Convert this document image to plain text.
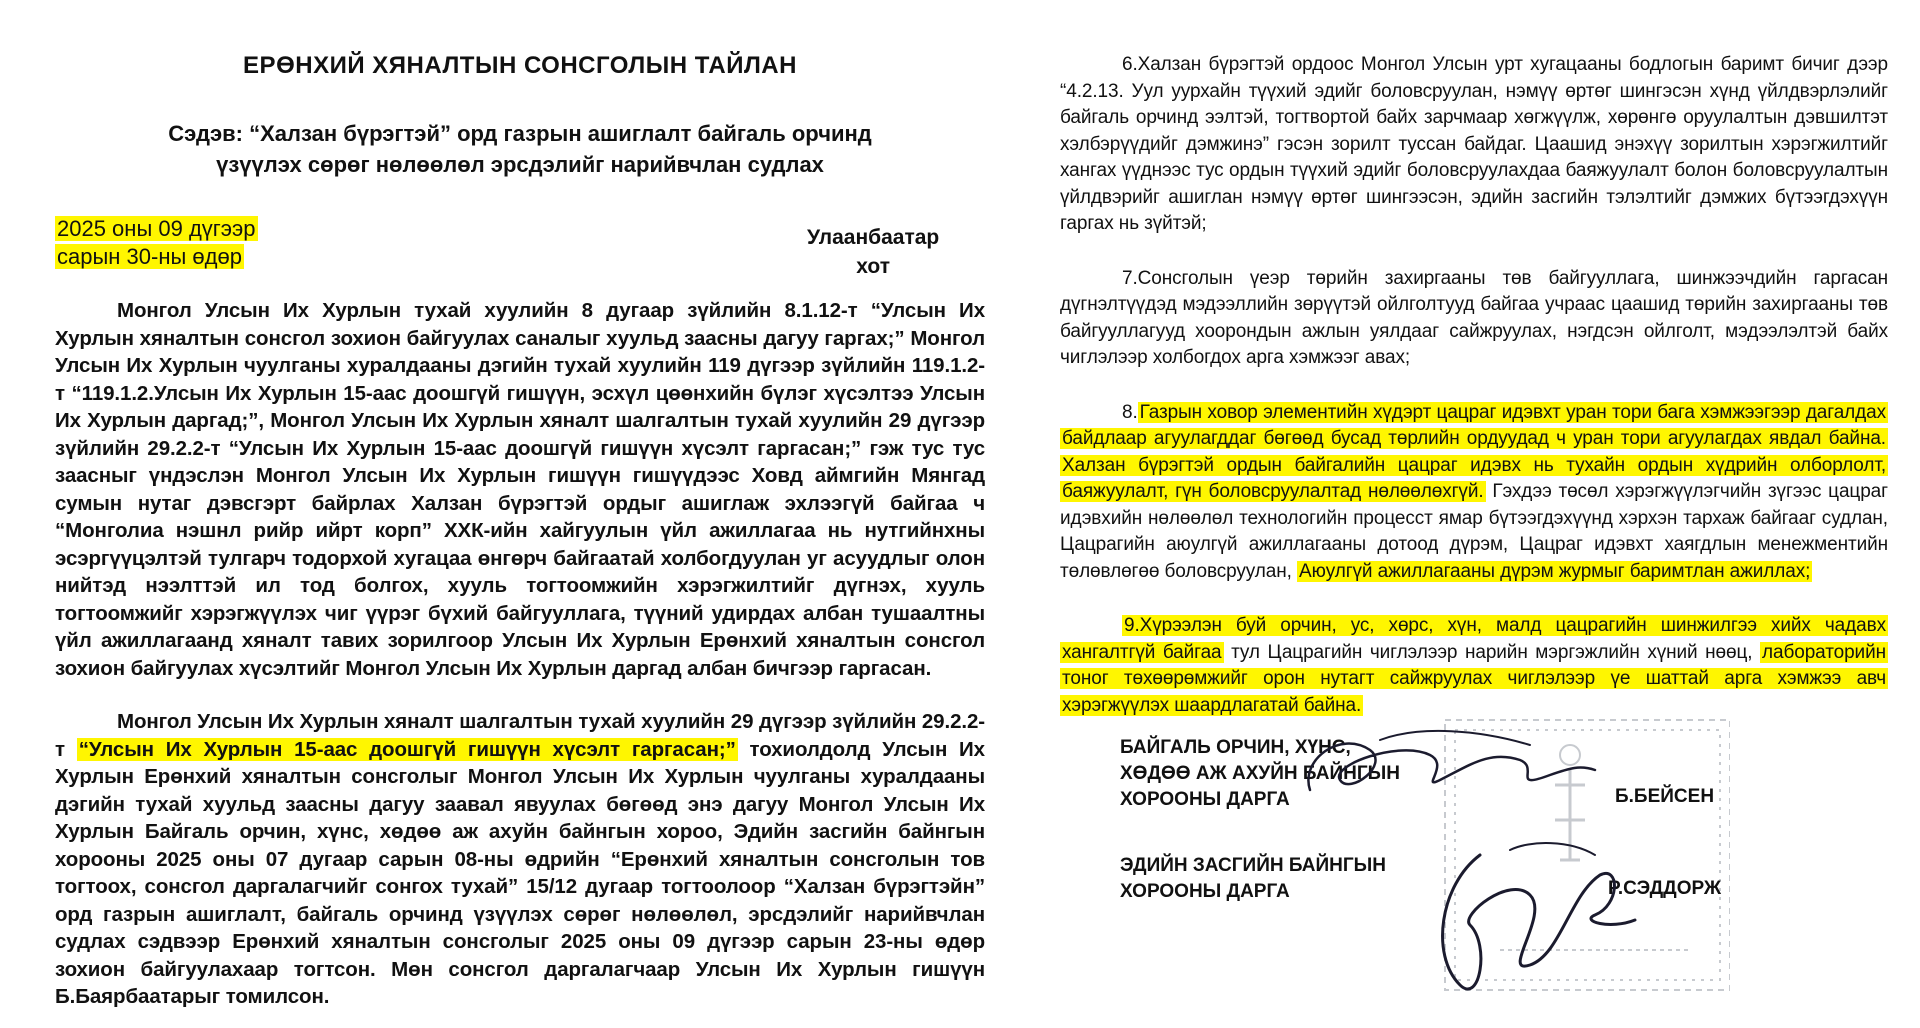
ЕРӨНХИЙ ХЯНАЛТЫН СОНСГОЛЫН ТАЙЛАН
Сэдэв: “Халзан бүрэгтэй” орд газрын ашиглалт байгаль орчинд
үзүүлэх сөрөг нөлөөлөл эрсдэлийг нарийвчлан судлах
2025 оны 09 дүгээр
сарын 30-ны өдөр
Улаанбаатар
хот

Монгол Улсын Их Хурлын тухай хуулийн 8 дугаар зүйлийн 8.1.12-т “Улсын Их Хурлын хяналтын сонсгол зохион байгуулах саналыг хуульд заасны дагуу гаргах;” Монгол Улсын Их Хурлын чуулганы хуралдааны дэгийн тухай хуулийн 119 дүгээр зүйлийн 119.1.2-т “119.1.2.Улсын Их Хурлын 15-аас доошгүй гишүүн, эсхүл цөөнхийн бүлэг хүсэлтээ Улсын Их Хурлын даргад;”, Монгол Улсын Их Хурлын хяналт шалгалтын тухай хуулийн 29 дүгээр зүйлийн 29.2.2-т “Улсын Их Хурлын 15-аас доошгүй гишүүн хүсэлт гаргасан;” гэж тус тус заасныг үндэслэн Монгол Улсын Их Хурлын гишүүн гишүүдээс Ховд аймгийн Мянгад сумын нутаг дэвсгэрт байрлах Халзан бүрэгтэй ордыг ашиглаж эхлээгүй байгаа ч “Монголиа нэшнл рийр ийрт корп” ХХК-ийн хайгуулын үйл ажиллагаа нь нутгийнхны эсэргүүцэлтэй тулгарч тодорхой хугацаа өнгөрч байгаатай холбогдуулан уг асуудлыг олон нийтэд нээлттэй ил тод болгох, хууль тогтоомжийн хэрэгжилтийг дүгнэх, хууль тогтоомжийг хэрэгжүүлэх чиг үүрэг бүхий байгууллага, түүний удирдах албан тушаалтны үйл ажиллагаанд хяналт тавих зорилгоор Улсын Их Хурлын Ерөнхий хяналтын сонсгол зохион байгуулах хүсэлтийг Монгол Улсын Их Хурлын даргад албан бичгээр гаргасан.

Монгол Улсын Их Хурлын хяналт шалгалтын тухай хуулийн 29 дүгээр зүйлийн 29.2.2-т “Улсын Их Хурлын 15-аас доошгүй гишүүн хүсэлт гаргасан;” тохиолдолд Улсын Их Хурлын Ерөнхий хяналтын сонсголыг Монгол Улсын Их Хурлын чуулганы хуралдааны дэгийн тухай хуульд заасны дагуу заавал явуулах бөгөөд энэ дагуу Монгол Улсын Их Хурлын Байгаль орчин, хүнс, хөдөө аж ахуйн байнгын хороо, Эдийн засгийн байнгын хорооны 2025 оны 07 дугаар сарын 08-ны өдрийн “Ерөнхий хяналтын сонсголын тов тогтоох, сонсгол даргалагчийг сонгох тухай” 15/12 дугаар тогтоолоор “Халзан бүрэгтэйн” орд газрын ашиглалт, байгаль орчинд үзүүлэх сөрөг нөлөөлөл, эрсдэлийг нарийвчлан судлах сэдвээр Ерөнхий хяналтын сонсголыг 2025 оны 09 дүгээр сарын 23-ны өдөр зохион байгуулахаар тогтсон. Мөн сонсгол даргалагчаар Улсын Их Хурлын гишүүн Б.Баярбаатарыг томилсон.

6.Халзан бүрэгтэй ордоос Монгол Улсын урт хугацааны бодлогын баримт бичиг дээр “4.2.13. Уул уурхайн түүхий эдийг боловсруулан, нэмүү өртөг шингэсэн хүнд үйлдвэрлэлийг байгаль орчинд ээлтэй, тогтвортой байх зарчмаар хөгжүүлж, хөрөнгө оруулалтын дэвшилтэт хэлбэрүүдийг дэмжинэ” гэсэн зорилт туссан байдаг. Цаашид энэхүү зорилтын хэрэгжилтийг хангах үүднээс тус ордын түүхий эдийг боловсруулахдаа баяжуулалт болон боловсруулалтын үйлдвэрийг ашиглан нэмүү өртөг шингээсэн, эдийн засгийн тэлэлтийг дэмжих бүтээгдэхүүн гаргах нь зүйтэй;

7.Сонсголын үеэр төрийн захиргааны төв байгууллага, шинжээчдийн гаргасан дүгнэлтүүдэд мэдээллийн зөрүүтэй ойлголтууд байгаа учраас цаашид төрийн захиргааны төв байгууллагууд хоорондын ажлын уялдааг сайжруулах, нэгдсэн ойлголт, мэдээлэлтэй байх чиглэлээр холбогдох арга хэмжээг авах;

8. Газрын ховор элементийн хүдэрт цацраг идэвхт уран тори бага хэмжээгээр дагалдах байдлаар агуулагддаг бөгөөд бусад төрлийн ордуудад ч уран тори агуулагдах явдал байна. Халзан бүрэгтэй ордын байгалийн цацраг идэвх нь тухайн ордын хүдрийн олборлолт, баяжуулалт, гүн боловсруулалтад нөлөөлөхгүй. Гэхдээ төсөл хэрэгжүүлэгчийн зүгээс цацраг идэвхийн нөлөөлөл технологийн процесст ямар бүтээгдэхүүнд хэрхэн тархаж байгааг судлан, Цацрагийн аюулгүй ажиллагааны дотоод дүрэм, Цацраг идэвхт хаягдлын менежментийн төлөвлөгөө боловсруулан, Аюулгүй ажиллагааны дүрэм журмыг баримтлан ажиллах;

9.Хүрээлэн буй орчин, ус, хөрс, хүн, малд цацрагийн шинжилгээ хийх чадавх хангалтгүй байгаа тул Цацрагийн чиглэлээр нарийн мэргэжлийн хүний нөөц, лабораторийн тоног төхөөрөмжийг орон нутагт сайжруулах чиглэлээр үе шаттай арга хэмжээ авч хэрэгжүүлэх шаардлагатай байна.

БАЙГАЛЬ ОРЧИН, ХҮНС,
ХӨДӨӨ АЖ АХУЙН БАЙНГЫН
ХОРООНЫ ДАРГА	Б.БЕЙСЕН
ЭДИЙН ЗАСГИЙН БАЙНГЫН
ХОРООНЫ ДАРГА	Р.СЭДДОРЖ
